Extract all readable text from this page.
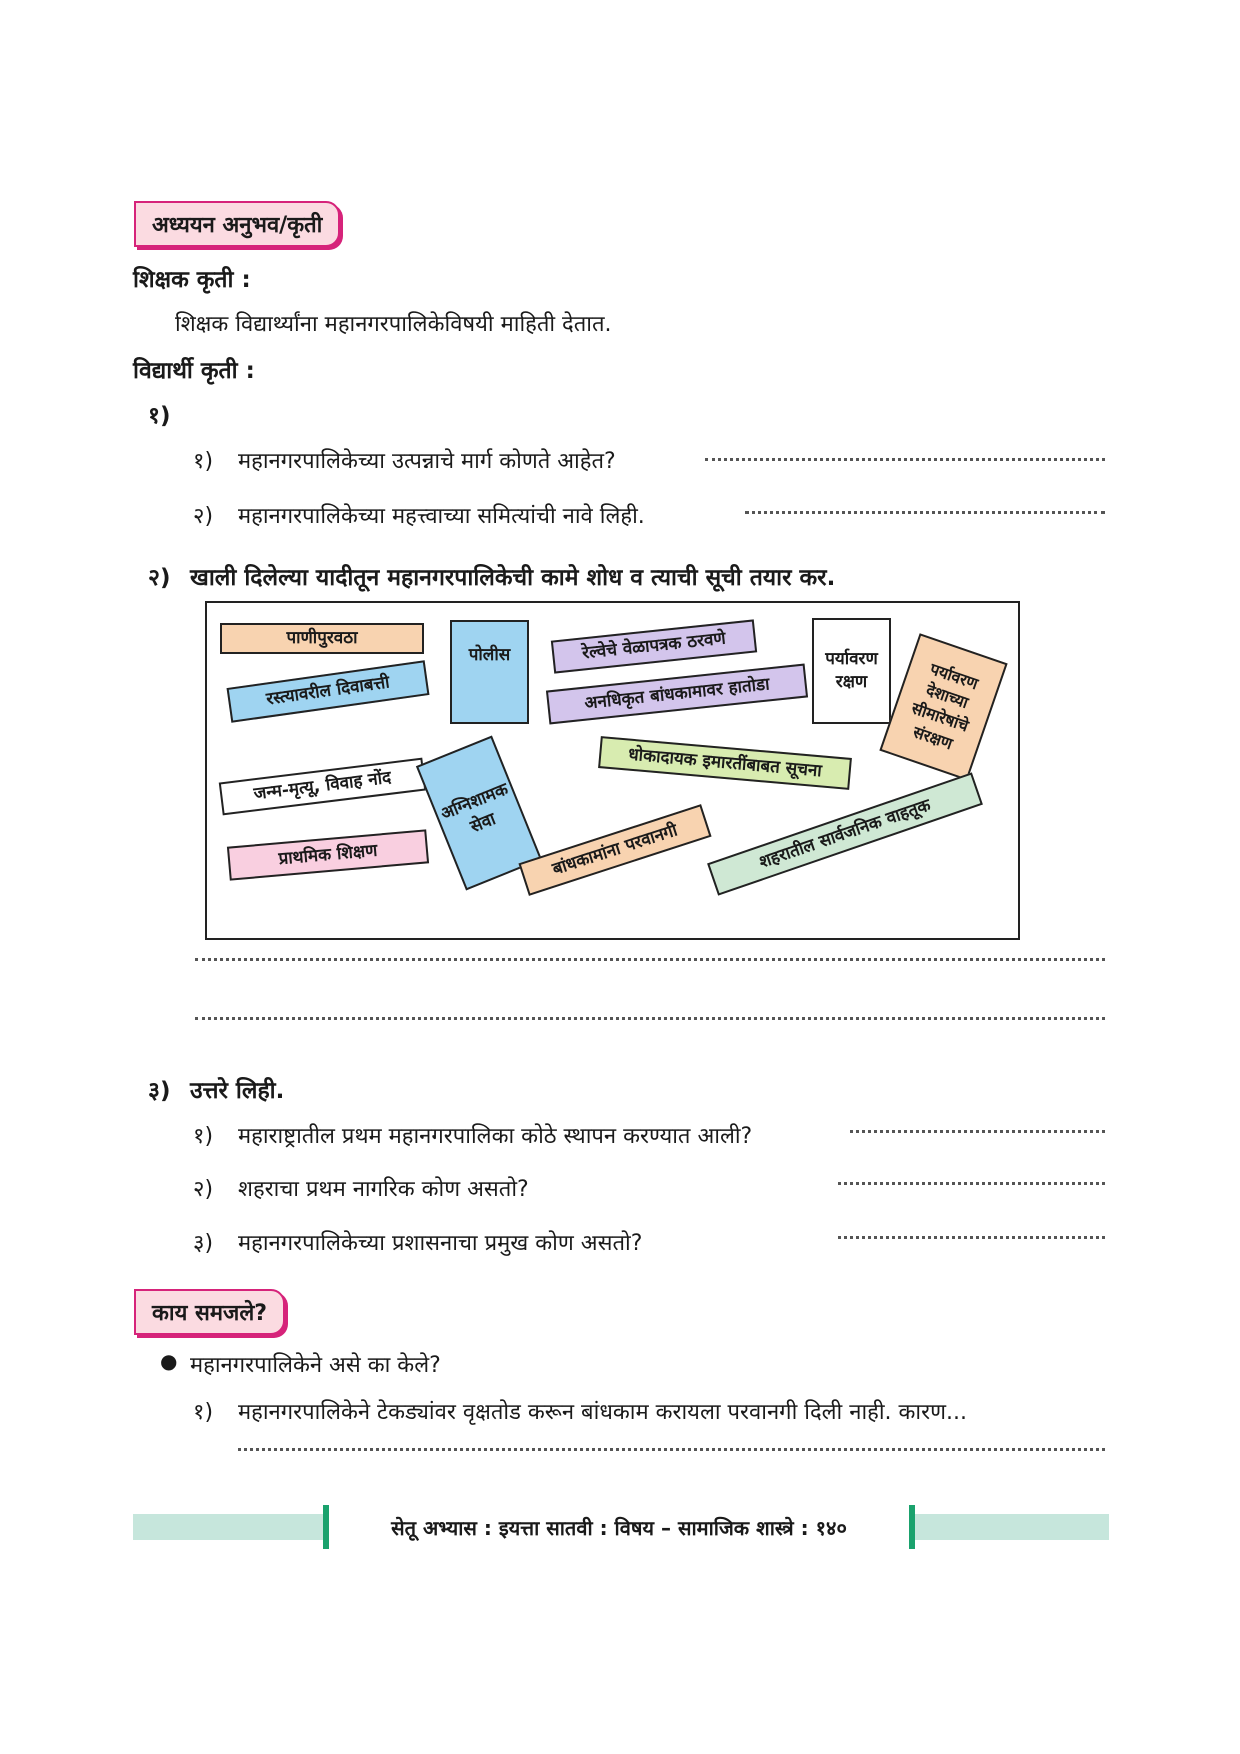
अध्ययन अनुभव/कृती
शिक्षक कृती :
शिक्षक विद्यार्थ्यांना महानगरपालिकेविषयी माहिती देतात.
विद्यार्थी कृती :
१)
१) महानगरपालिकेच्या उत्पन्नाचे मार्ग कोणते आहेत?
२) महानगरपालिकेच्या महत्त्वाच्या समित्यांची नावे लिही.
२) खाली दिलेल्या यादीतून महानगरपालिकेची कामे शोध व त्याची सूची तयार कर.
पाणीपुरवठा
पोलीस	रेल्वेचे वेळापत्रक ठरवणे	पर्यावरण रक्षण	पर्यावरण देशाच्या सीमारेषांचे संरक्षण
रस्त्यावरील दिवाबत्ती	अनधिकृत बांधकामावर हातोडा
जन्म-मृत्यू, विवाह नोंद	अग्निशामक सेवा
धोकादायक इमारतींबाबत सूचना
प्राथमिक शिक्षण	बांधकामांना परवानगी	शहरातील सार्वजनिक वाहतूक
३) उत्तरे लिही.
१) महाराष्ट्रातील प्रथम महानगरपालिका कोठे स्थापन करण्यात आली?
२) शहराचा प्रथम नागरिक कोण असतो?
३) महानगरपालिकेच्या प्रशासनाचा प्रमुख कोण असतो?
काय समजले?
● महानगरपालिकेने असे का केले?
१) महानगरपालिकेने टेकड्यांवर वृक्षतोड करून बांधकाम करायला परवानगी दिली नाही. कारण...
सेतू अभ्यास : इयत्ता सातवी : विषय – सामाजिक शास्त्रे : १४०
